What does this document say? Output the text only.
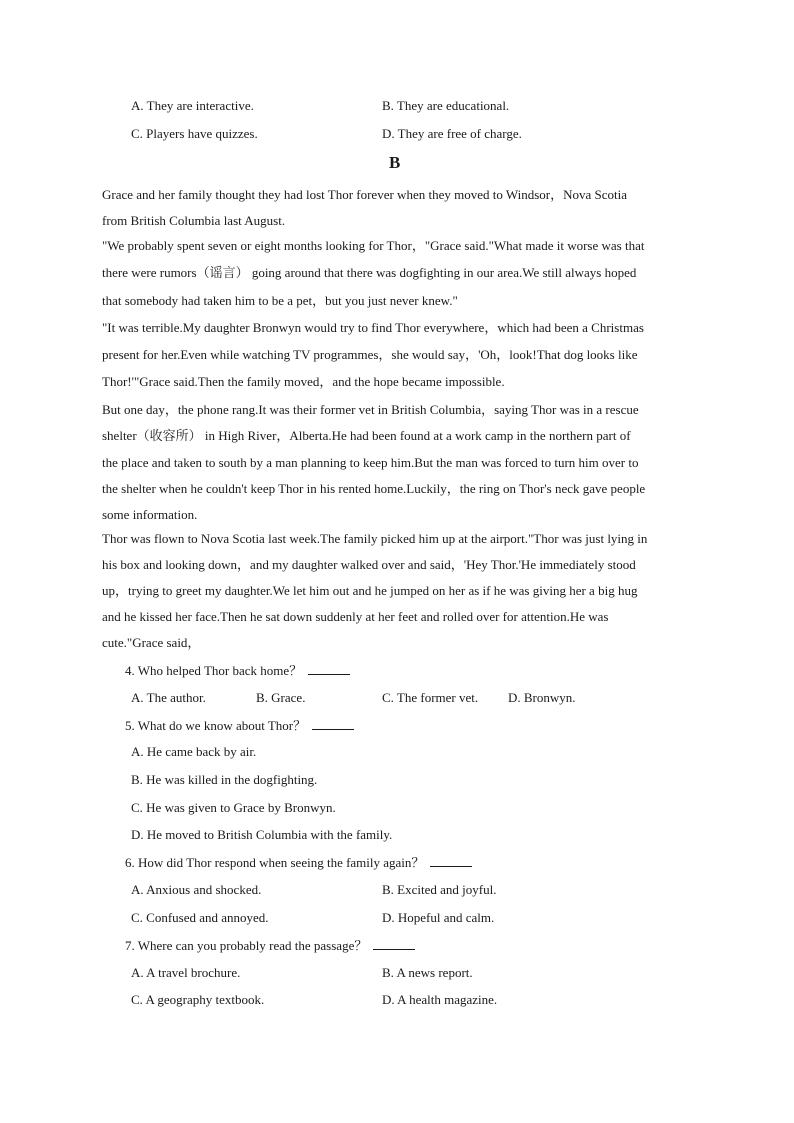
A. They are interactive.	B. They are educational.
C. Players have quizzes.	D. They are free of charge.
B
Grace and her family thought they had lost Thor forever when they moved to Windsor，Nova Scotia
from British Columbia last August.
"We probably spent seven or eight months looking for Thor，"Grace said."What made it worse was that
there were rumors（谣言） going around that there was dogfighting in our area.We still always hoped
that somebody had taken him to be a pet，but you just never knew."
"It was terrible.My daughter Bronwyn would try to find Thor everywhere，which had been a Christmas
present for her.Even while watching TV programmes，she would say，'Oh，look!That dog looks like
Thor!'"Grace said.Then the family moved，and the hope became impossible.
But one day，the phone rang.It was their former vet in British Columbia，saying Thor was in a rescue
shelter（收容所） in High River，Alberta.He had been found at a work camp in the northern part of
the place and taken to south by a man planning to keep him.But the man was forced to turn him over to
the shelter when he couldn't keep Thor in his rented home.Luckily，the ring on Thor's neck gave people
some information.
Thor was flown to Nova Scotia last week.The family picked him up at the airport."Thor was just lying in
his box and looking down，and my daughter walked over and said，'Hey Thor.'He immediately stood
up，trying to greet my daughter.We let him out and he jumped on her as if he was giving her a big hug
and he kissed her face.Then he sat down suddenly at her feet and rolled over for attention.He was
cute."Grace said，
4. Who helped Thor back home？
A. The author.	B. Grace.	C. The former vet. D. Bronwyn.
5. What do we know about Thor？
A. He came back by air.
B. He was killed in the dogfighting.
C. He was given to Grace by Bronwyn.
D. He moved to British Columbia with the family.
6. How did Thor respond when seeing the family again？
A. Anxious and shocked.	B. Excited and joyful.
C. Confused and annoyed.	D. Hopeful and calm.
7. Where can you probably read the passage？
A. A travel brochure.	B. A news report.
C. A geography textbook.	D. A health magazine.
